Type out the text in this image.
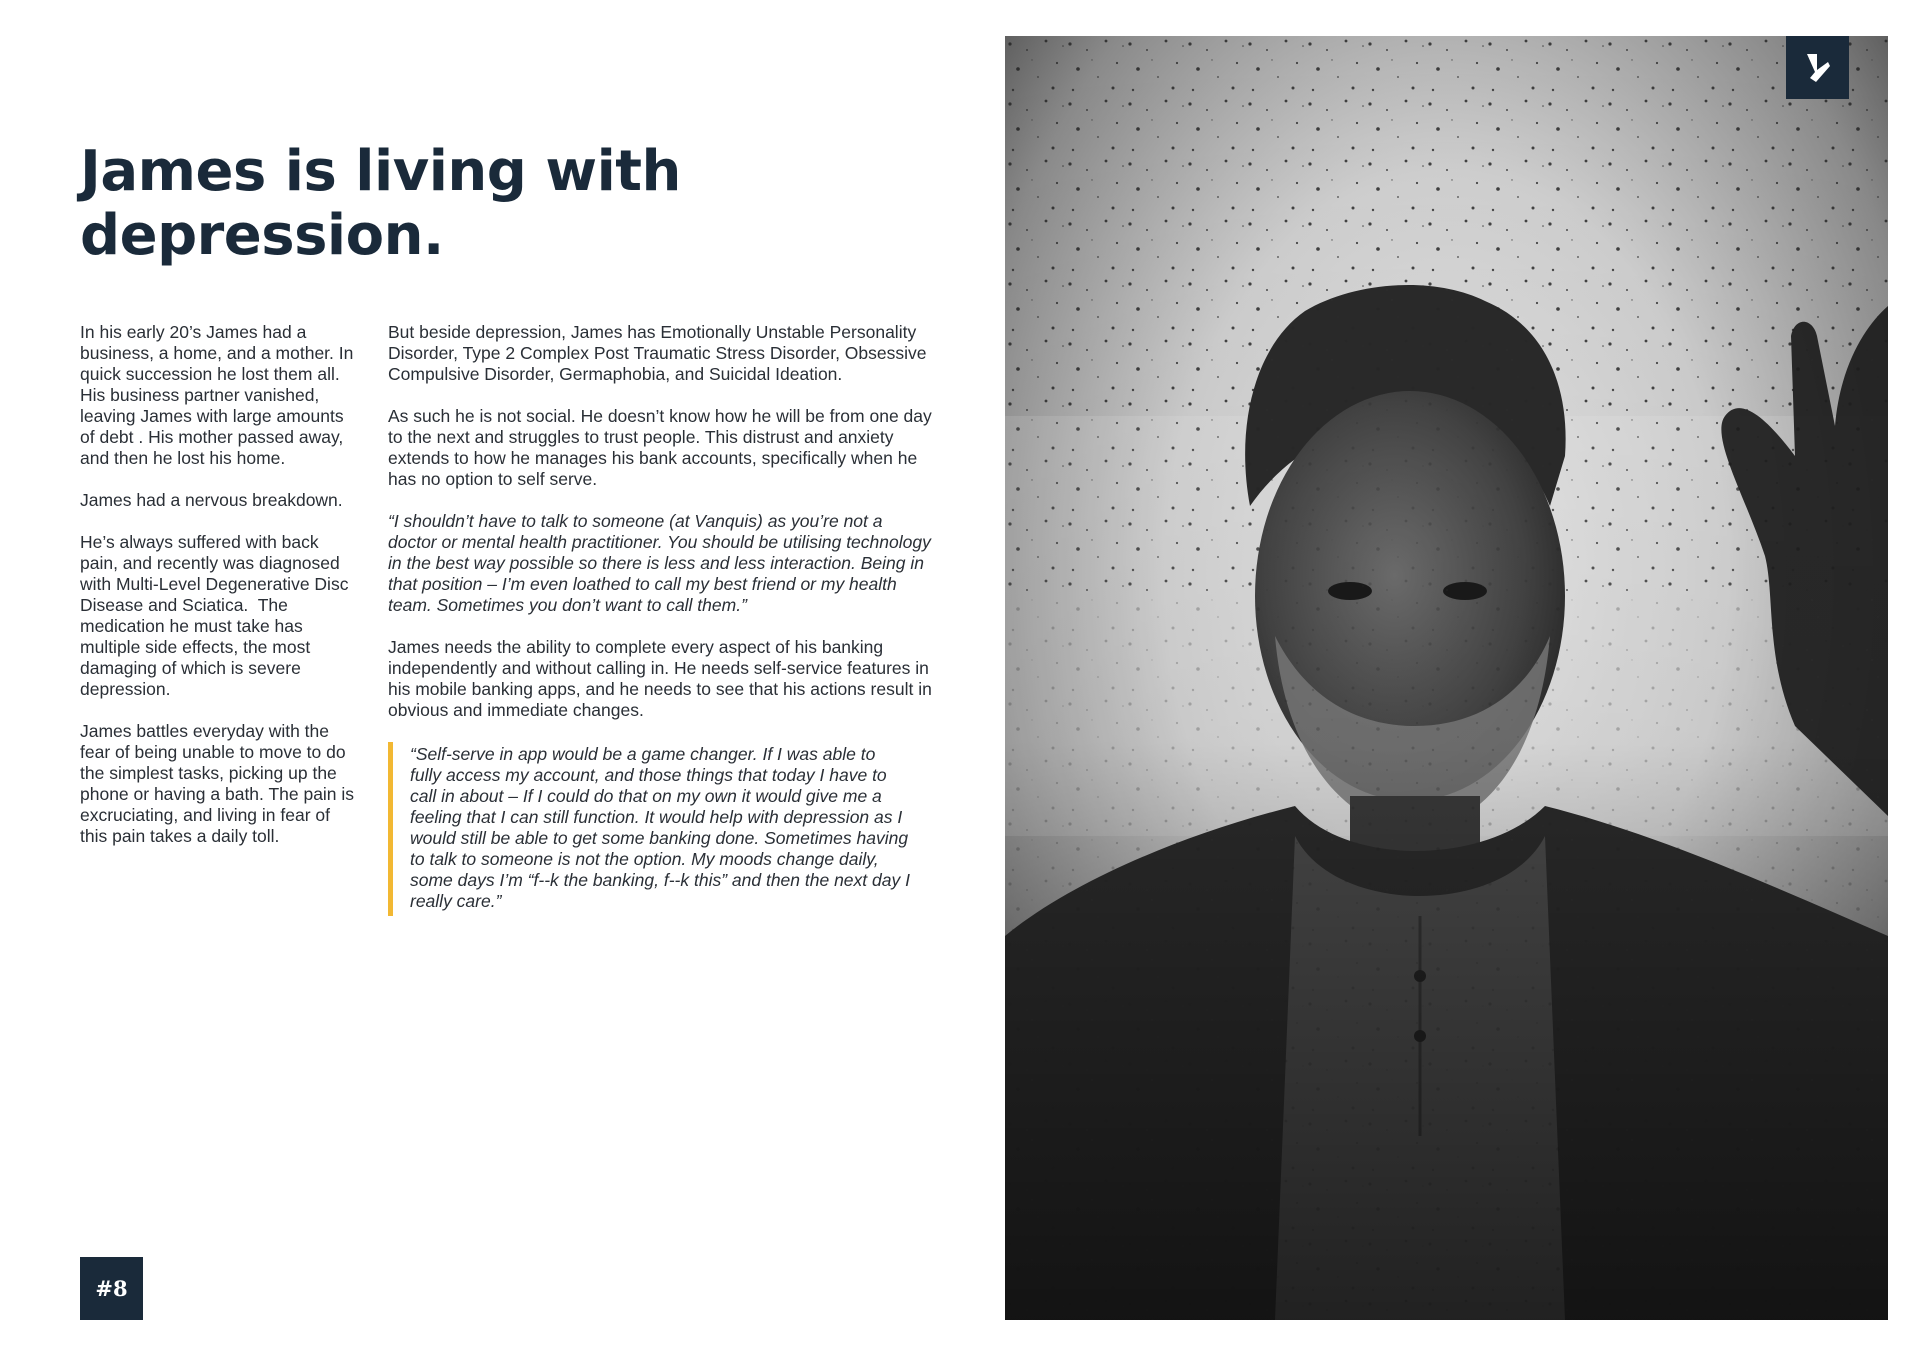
James is living with depression.

In his early 20’s James had a business, a home, and a mother. In quick succession he lost them all. His business partner vanished, leaving James with large amounts of debt . His mother passed away, and then he lost his home.

James had a nervous breakdown.

He’s always suffered with back pain, and recently was diagnosed with Multi-Level Degenerative Disc Disease and Sciatica.  The medication he must take has multiple side effects, the most damaging of which is severe depression.

James battles everyday with the fear of being unable to move to do the simplest tasks, picking up the phone or having a bath. The pain is excruciating, and living in fear of this pain takes a daily toll.

But beside depression, James has Emotionally Unstable Personality Disorder, Type 2 Complex Post Traumatic Stress Disorder, Obsessive Compulsive Disorder, Germaphobia, and Suicidal Ideation.

As such he is not social. He doesn’t know how he will be from one day to the next and struggles to trust people. This distrust and anxiety extends to how he manages his bank accounts, specifically when he has no option to self serve.

“I shouldn’t have to talk to someone (at Vanquis) as you’re not a doctor or mental health practitioner. You should be utilising technology in the best way possible so there is less and less interaction. Being in that position – I’m even loathed to call my best friend or my health team. Sometimes you don’t want to call them.”

James needs the ability to complete every aspect of his banking independently and without calling in. He needs self-service features in his mobile banking apps, and he needs to see that his actions result in obvious and immediate changes.

“Self-serve in app would be a game changer. If I was able to fully access my account, and those things that today I have to call in about – If I could do that on my own it would give me a feeling that I can still function. It would help with depression as I would still be able to get some banking done. Sometimes having to talk to someone is not the option. My moods change daily, some days I’m “f--k the banking, f--k this” and then the next day I really care.”
#8
